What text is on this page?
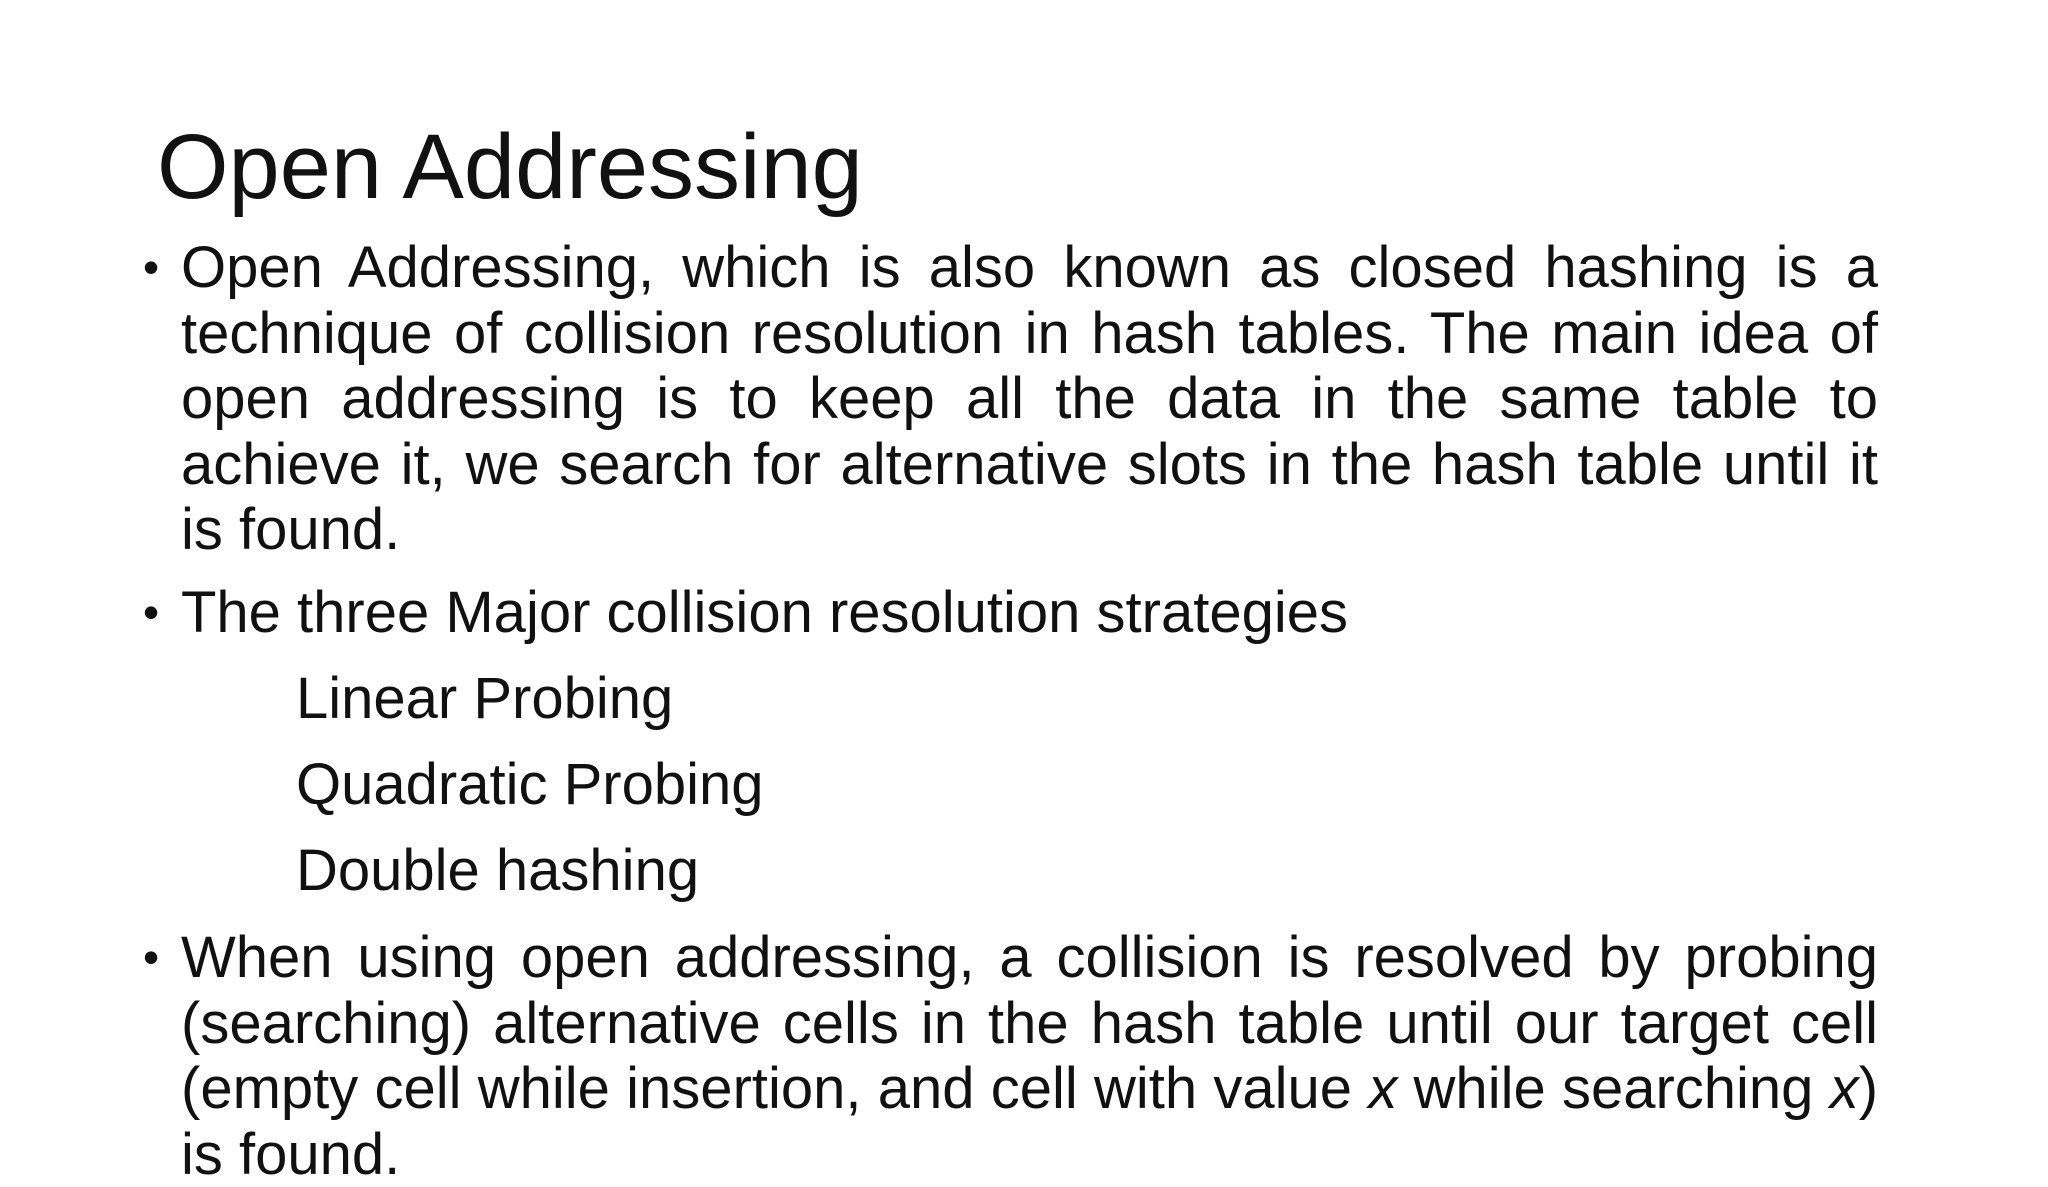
Open Addressing
• Open Addressing, which is also known as closed hashing is a technique of collision resolution in hash tables. The main idea of open addressing is to keep all the data in the same table to achieve it, we search for alternative slots in the hash table until it is found.
• The three Major collision resolution strategies
Linear Probing
Quadratic Probing
Double hashing
• When using open addressing, a collision is resolved by probing (searching) alternative cells in the hash table until our target cell (empty cell while insertion, and cell with value x while searching x) is found.
